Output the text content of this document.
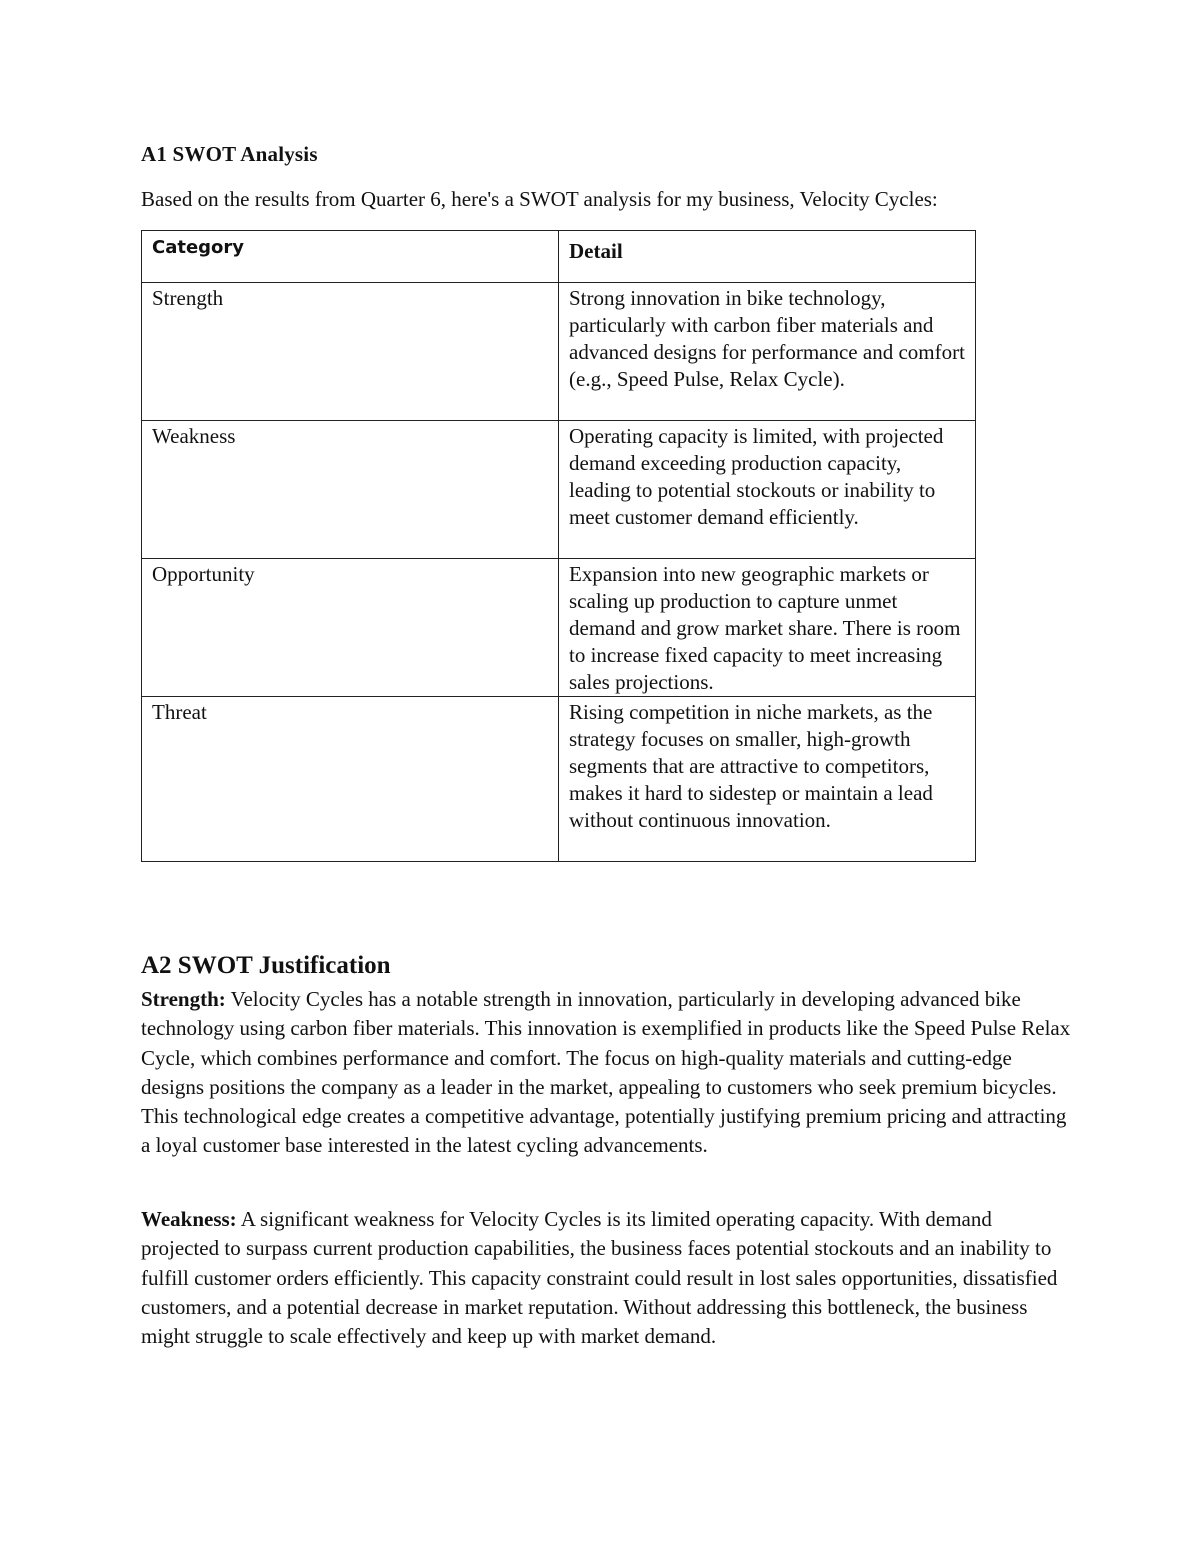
A1 SWOT Analysis
Based on the results from Quarter 6, here's a SWOT analysis for my business, Velocity Cycles:
Category	Detail
Strength	Strong innovation in bike technology, particularly with carbon fiber materials and advanced designs for performance and comfort (e.g., Speed Pulse, Relax Cycle).
Weakness	Operating capacity is limited, with projected demand exceeding production capacity, leading to potential stockouts or inability to meet customer demand efficiently.
Opportunity	Expansion into new geographic markets or scaling up production to capture unmet demand and grow market share. There is room to increase fixed capacity to meet increasing sales projections.
Threat	Rising competition in niche markets, as the strategy focuses on smaller, high-growth segments that are attractive to competitors, makes it hard to sidestep or maintain a lead without continuous innovation.
A2 SWOT Justification
Strength: Velocity Cycles has a notable strength in innovation, particularly in developing advanced bike technology using carbon fiber materials. This innovation is exemplified in products like the Speed Pulse Relax Cycle, which combines performance and comfort. The focus on high-quality materials and cutting-edge designs positions the company as a leader in the market, appealing to customers who seek premium bicycles. This technological edge creates a competitive advantage, potentially justifying premium pricing and attracting a loyal customer base interested in the latest cycling advancements.
Weakness: A significant weakness for Velocity Cycles is its limited operating capacity. With demand projected to surpass current production capabilities, the business faces potential stockouts and an inability to fulfill customer orders efficiently. This capacity constraint could result in lost sales opportunities, dissatisfied customers, and a potential decrease in market reputation. Without addressing this bottleneck, the business might struggle to scale effectively and keep up with market demand.
